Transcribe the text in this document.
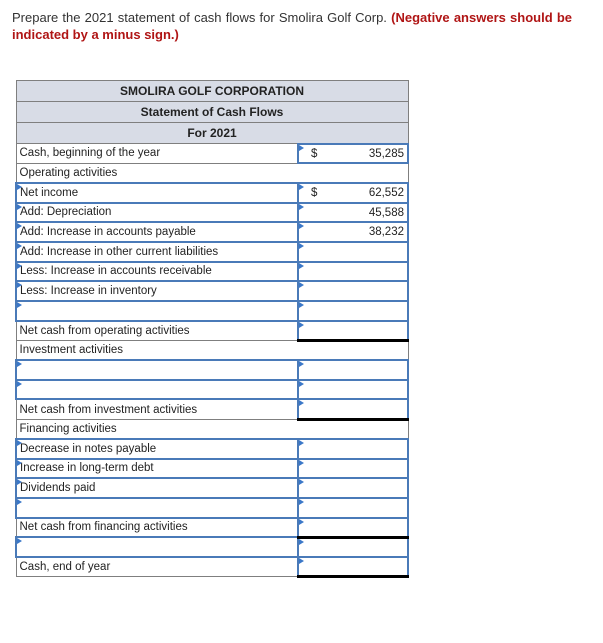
Prepare the 2021 statement of cash flows for Smolira Golf Corp. (Negative answers should be indicated by a minus sign.)
SMOLIRA GOLF CORPORATION	
Statement of Cash Flows	
For 2021	
Cash, beginning of the year	$ 35,285

Operating activities	

Net income	$ 62,552

Add: Depreciation	45,588

Add: Increase in accounts payable	38,232

Add: Increase in other current liabilities	

Less: Increase in accounts receivable	

Less: Increase in inventory	

Net cash from operating activities	

Investment activities	

Net cash from investment activities	

Financing activities	

Decrease in notes payable	

Increase in long-term debt	

Dividends paid	

Net cash from financing activities	

Cash, end of year	
